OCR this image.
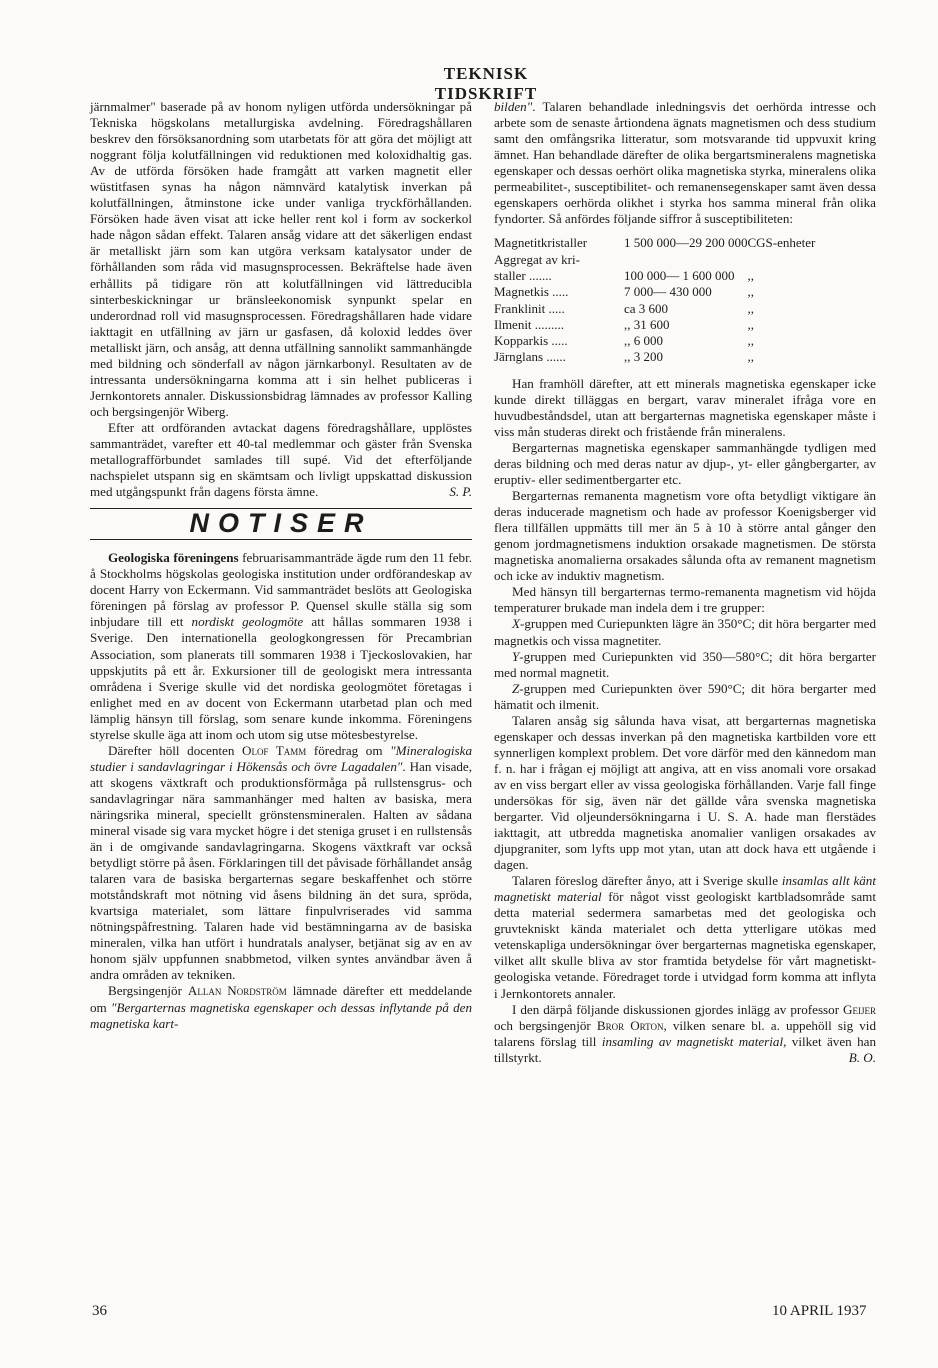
TEKNISK TIDSKRIFT

järnmalmer" baserade på av honom nyligen utförda undersökningar på Tekniska högskolans metallurgiska avdelning. Föredragshållaren beskrev den försöksanordning som utarbetats för att göra det möjligt att noggrant följa kolutfällningen vid reduktionen med koloxidhaltig gas. Av de utförda försöken hade framgått att varken magnetit eller wüstitfasen synas ha någon nämnvärd katalytisk inverkan på kolutfällningen, åtminstone icke under vanliga tryckförhållanden. Försöken hade även visat att icke heller rent kol i form av sockerkol hade någon sådan effekt. Talaren ansåg vidare att det säkerligen endast är metalliskt järn som kan utgöra verksam katalysator under de förhållanden som råda vid masugnsprocessen. Bekräftelse hade även erhållits på tidigare rön att kolutfällningen vid lättreducibla sinterbeskickningar ur bränsleekonomisk synpunkt spelar en underordnad roll vid masugnsprocessen. Föredragshållaren hade vidare iakttagit en utfällning av järn ur gasfasen, då koloxid leddes över metalliskt järn, och ansåg, att denna utfällning sannolikt sammanhängde med bildning och sönderfall av någon järnkarbonyl. Resultaten av de intressanta undersökningarna komma att i sin helhet publiceras i Jernkontorets annaler. Diskussionsbidrag lämnades av professor Kalling och bergsingenjör Wiberg.

Efter att ordföranden avtackat dagens föredragshållare, upplöstes sammanträdet, varefter ett 40-tal medlemmar och gäster från Svenska metallografförbundet samlades till supé. Vid det efterföljande nachspielet utspann sig en skämtsam och livligt uppskattad diskussion med utgångspunkt från dagens första ämne.	S. P.

NOTISER

Geologiska föreningens februarisammanträde ägde rum den 11 febr. å Stockholms högskolas geologiska institution under ordförandeskap av docent Harry von Eckermann. Vid sammanträdet beslöts att Geologiska föreningen på förslag av professor P. Quensel skulle ställa sig som inbjudare till ett nordiskt geologmöte att hållas sommaren 1938 i Sverige. Den internationella geologkongressen för Precambrian Association, som planerats till sommaren 1938 i Tjeckoslovakien, har uppskjutits på ett år. Exkursioner till de geologiskt mera intressanta områdena i Sverige skulle vid det nordiska geologmötet företagas i enlighet med en av docent von Eckermann utarbetad plan och med lämplig hänsyn till förslag, som senare kunde inkomma. Föreningens styrelse skulle äga att inom och utom sig utse mötesbestyrelse.

Därefter höll docenten Olof Tamm föredrag om "Mineralogiska studier i sandavlagringar i Hökensås och övre Lagadalen". Han visade, att skogens växtkraft och produktionsförmåga på rullstensgrus- och sandavlagringar nära sammanhänger med halten av basiska, mera näringsrika mineral, speciellt grönstensmineralen. Halten av sådana mineral visade sig vara mycket högre i det steniga gruset i en rullstensås än i de omgivande sandavlagringarna. Skogens växtkraft var också betydligt större på åsen. Förklaringen till det påvisade förhållandet ansåg talaren vara de basiska bergarternas segare beskaffenhet och större motståndskraft mot nötning vid åsens bildning än det sura, spröda, kvartsiga materialet, som lättare finpulvriserades vid samma nötningspåfrestning. Talaren hade vid bestämningarna av de basiska mineralen, vilka han utfört i hundratals analyser, betjänat sig av en av honom själv uppfunnen snabbmetod, vilken syntes användbar även å andra områden av tekniken.

Bergsingenjör Allan Nordström lämnade därefter ett meddelande om "Bergarternas magnetiska egenskaper och dessas inflytande på den magnetiska kart-

bilden". Talaren behandlade inledningsvis det oerhörda intresse och arbete som de senaste årtiondena ägnats magnetismen och dess studium samt den omfångsrika litteratur, som motsvarande tid uppvuxit kring ämnet. Han behandlade därefter de olika bergartsmineralens magnetiska egenskaper och dessas oerhört olika magnetiska styrka, mineralens olika permeabilitet-, susceptibilitet- och remanensegenskaper samt även dessa egenskapers oerhörda olikhet i styrka hos samma mineral från olika fyndorter. Så anfördes följande siffror å susceptibiliteten:

Magnetitkristaller	1 500 000—29 200 000	CGS-enheter
Aggregat av kri-		
staller .......	100 000— 1 600 000	,,
Magnetkis .....	7 000— 430 000	,,
Franklinit .....	ca 3 600	,,
Ilmenit .........	,, 31 600	,,
Kopparkis .....	,, 6 000	,,
Järnglans ......	,, 3 200	,,

Han framhöll därefter, att ett minerals magnetiska egenskaper icke kunde direkt tilläggas en bergart, varav mineralet ifråga vore en huvudbeståndsdel, utan att bergarternas magnetiska egenskaper måste i viss mån studeras direkt och fristående från mineralens.

Bergarternas magnetiska egenskaper sammanhängde tydligen med deras bildning och med deras natur av djup-, yt- eller gångbergarter, av eruptiv- eller sedimentbergarter etc.

Bergarternas remanenta magnetism vore ofta betydligt viktigare än deras inducerade magnetism och hade av professor Koenigsberger vid flera tillfällen uppmätts till mer än 5 à 10 à större antal gånger den genom jordmagnetismens induktion orsakade magnetismen. De största magnetiska anomalierna orsakades sålunda ofta av remanent magnetism och icke av induktiv magnetism.

Med hänsyn till bergarternas termo-remanenta magnetism vid höjda temperaturer brukade man indela dem i tre grupper:

X-gruppen med Curiepunkten lägre än 350°C; dit höra bergarter med magnetkis och vissa magnetiter.

Y-gruppen med Curiepunkten vid 350—580°C; dit höra bergarter med normal magnetit.

Z-gruppen med Curiepunkten över 590°C; dit höra bergarter med hämatit och ilmenit.

Talaren ansåg sig sålunda hava visat, att bergarternas magnetiska egenskaper och dessas inverkan på den magnetiska kartbilden vore ett synnerligen komplext problem. Det vore därför med den kännedom man f. n. har i frågan ej möjligt att angiva, att en viss anomali vore orsakad av en viss bergart eller av vissa geologiska förhållanden. Varje fall finge undersökas för sig, även när det gällde våra svenska magnetiska bergarter. Vid oljeundersökningarna i U. S. A. hade man flerstädes iakttagit, att utbredda magnetiska anomalier vanligen orsakades av djupgraniter, som lyfts upp mot ytan, utan att dock hava ett utgående i dagen.

Talaren föreslog därefter ånyo, att i Sverige skulle insamlas allt känt magnetiskt material för något visst geologiskt kartbladsområde samt detta material sedermera samarbetas med det geologiska och gruvtekniskt kända materialet och detta ytterligare utökas med vetenskapliga undersökningar över bergarternas magnetiska egenskaper, vilket allt skulle bliva av stor framtida betydelse för vårt magnetiskt-geologiska vetande. Föredraget torde i utvidgad form komma att inflyta i Jernkontorets annaler.

I den därpå följande diskussionen gjordes inlägg av professor Geijer och bergsingenjör Bror Orton, vilken senare bl. a. uppehöll sig vid talarens förslag till insamling av magnetiskt material, vilket även han tillstyrkt.	B. O.

36	10 APRIL 1937
